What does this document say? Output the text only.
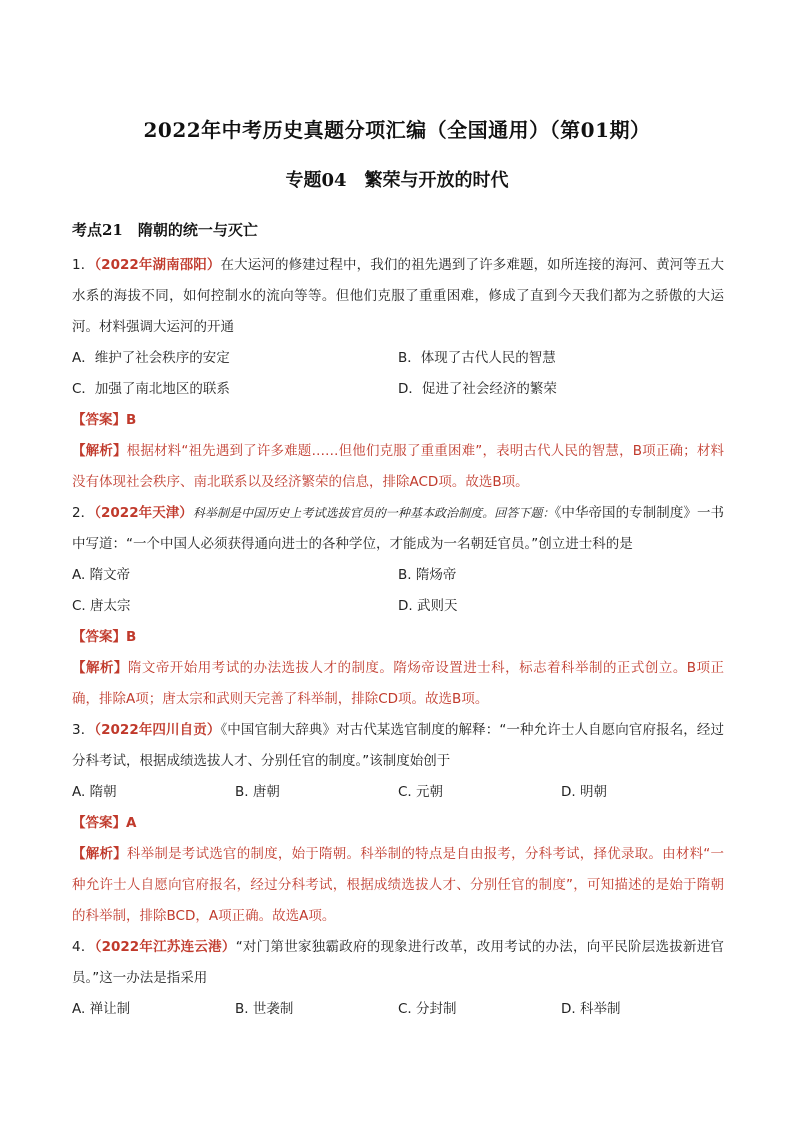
2022年中考历史真题分项汇编（全国通用）（第01期）
专题04　繁荣与开放的时代
考点21　隋朝的统一与灭亡

1．（2022年湖南邵阳）在大运河的修建过程中，我们的祖先遇到了许多难题，如所连接的海河、黄河等五大水系的海拔不同，如何控制水的流向等等。但他们克服了重重困难，修成了直到今天我们都为之骄傲的大运河。材料强调大运河的开通

A．维护了社会秩序的安定	B．体现了古代人民的智慧
C．加强了南北地区的联系	D．促进了社会经济的繁荣

【答案】B

【解析】根据材料“祖先遇到了许多难题……但他们克服了重重困难”，表明古代人民的智慧，B项正确；材料没有体现社会秩序、南北联系以及经济繁荣的信息，排除ACD项。故选B项。

2．（2022年天津）科举制是中国历史上考试选拔官员的一种基本政治制度。回答下题：《中华帝国的专制制度》一书中写道：“一个中国人必须获得通向进士的各种学位，才能成为一名朝廷官员。”创立进士科的是

A. 隋文帝	B. 隋炀帝
C. 唐太宗	D. 武则天

【答案】B

【解析】隋文帝开始用考试的办法选拔人才的制度。隋炀帝设置进士科，标志着科举制的正式创立。B项正确，排除A项；唐太宗和武则天完善了科举制，排除CD项。故选B项。

3．（2022年四川自贡）《中国官制大辞典》对古代某选官制度的解释：“一种允许士人自愿向官府报名，经过分科考试，根据成绩选拔人才、分别任官的制度。”该制度始创于

A. 隋朝	B. 唐朝	C. 元朝	D. 明朝

【答案】A

【解析】科举制是考试选官的制度，始于隋朝。科举制的特点是自由报考，分科考试，择优录取。由材料“一种允许士人自愿向官府报名，经过分科考试，根据成绩选拔人才、分别任官的制度”，可知描述的是始于隋朝的科举制，排除BCD，A项正确。故选A项。

4．（2022年江苏连云港）“对门第世家独霸政府的现象进行改革，改用考试的办法，向平民阶层选拔新进官员。”这一办法是指采用

A. 禅让制	B. 世袭制	C. 分封制	D. 科举制
